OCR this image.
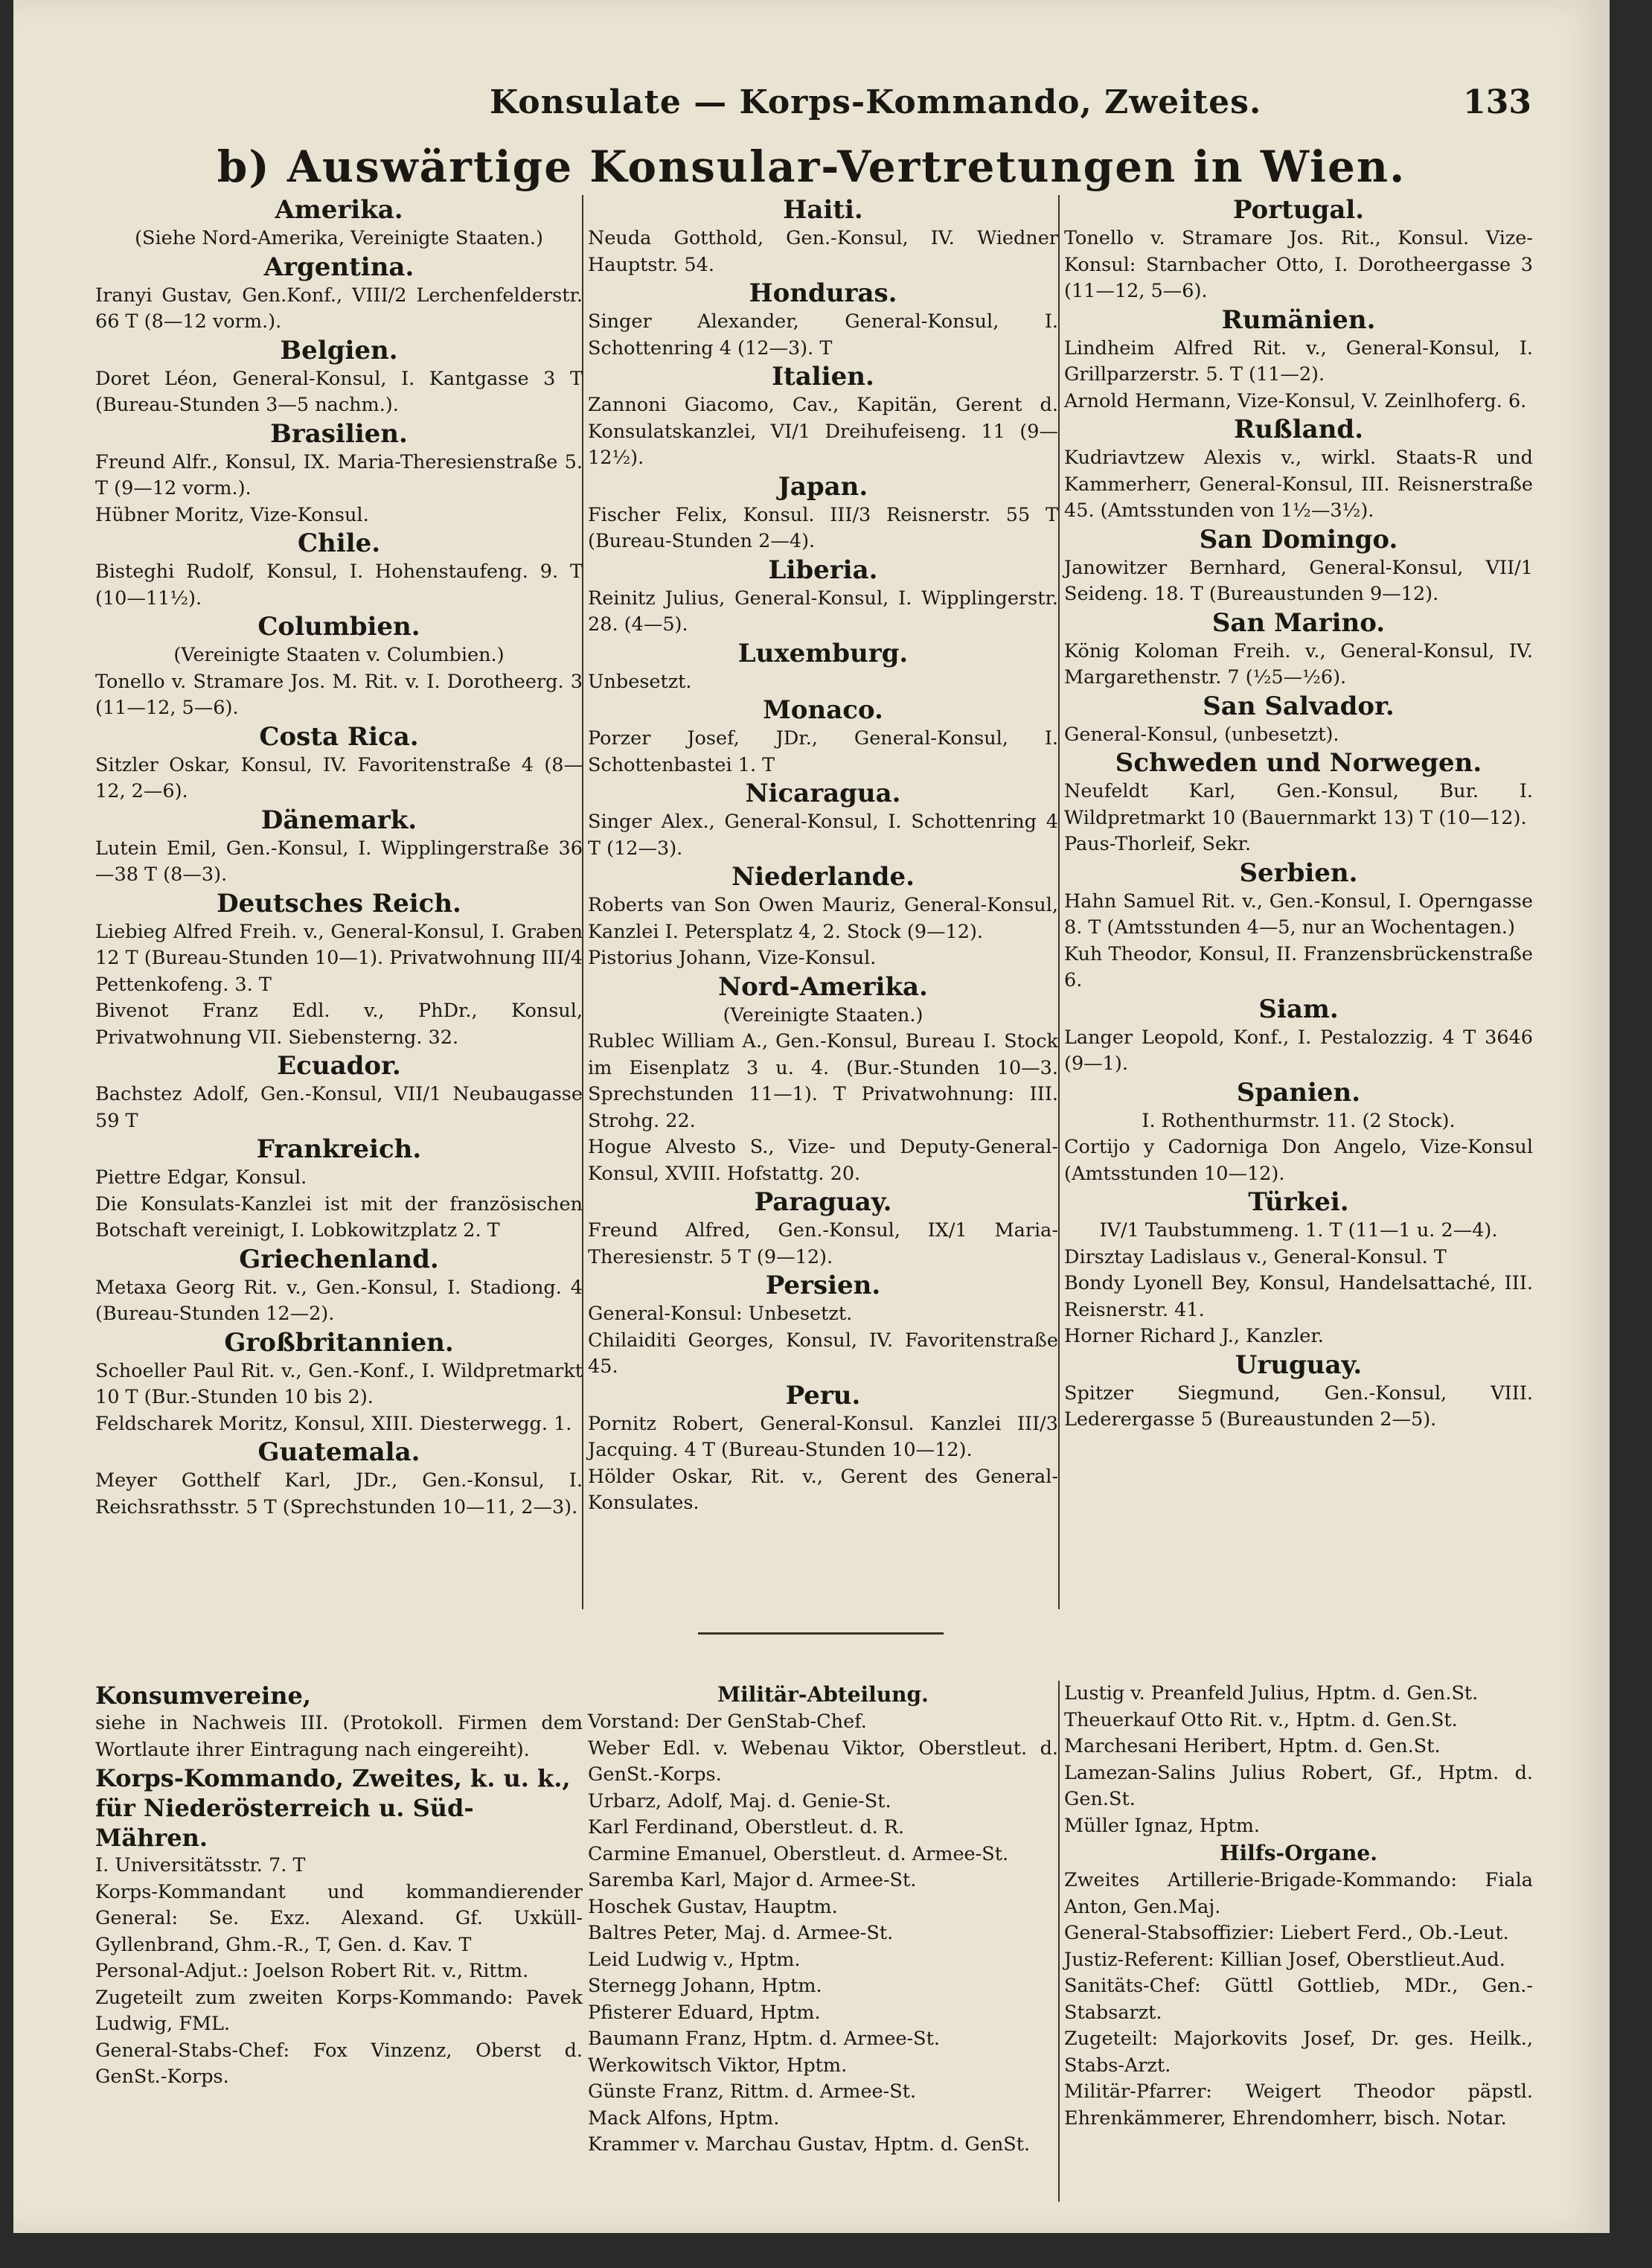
Konsulate — Korps-Kommando, Zweites.	133
b) Auswärtige Konsular-Vertretungen in Wien.
Amerika.
(Siehe Nord-Amerika, Vereinigte Staaten.)
Argentina.
Iranyi Gustav, Gen.Konf., VIII/2 Lerchenfelderstr. 66 T (8—12 vorm.).
Belgien.
Doret Léon, General-Konsul, I. Kantgasse 3 T (Bureau-Stunden 3—5 nachm.).
Brasilien.
Freund Alfr., Konsul, IX. Maria-Theresienstraße 5. T (9—12 vorm.).
Hübner Moritz, Vize-Konsul.
Chile.
Bisteghi Rudolf, Konsul, I. Hohenstaufeng. 9. T (10—11½).
Columbien.
(Vereinigte Staaten v. Columbien.)
Tonello v. Stramare Jos. M. Rit. v. I. Dorotheerg. 3 (11—12, 5—6).
Costa Rica.
Sitzler Oskar, Konsul, IV. Favoritenstraße 4 (8—12, 2—6).
Dänemark.
Lutein Emil, Gen.-Konsul, I. Wipplingerstraße 36—38 T (8—3).
Deutsches Reich.
Liebieg Alfred Freih. v., General-Konsul, I. Graben 12 T (Bureau-Stunden 10—1). Privatwohnung III/4 Pettenkofeng. 3. T
Bivenot Franz Edl. v., PhDr., Konsul, Privatwohnung VII. Siebensterng. 32.
Ecuador.
Bachstez Adolf, Gen.-Konsul, VII/1 Neubaugasse 59 T
Frankreich.
Piettre Edgar, Konsul.
Die Konsulats-Kanzlei ist mit der französischen Botschaft vereinigt, I. Lobkowitzplatz 2. T
Griechenland.
Metaxa Georg Rit. v., Gen.-Konsul, I. Stadiong. 4 (Bureau-Stunden 12—2).
Großbritannien.
Schoeller Paul Rit. v., Gen.-Konf., I. Wildpretmarkt 10 T (Bur.-Stunden 10 bis 2).
Feldscharek Moritz, Konsul, XIII. Diesterwegg. 1.
Guatemala.
Meyer Gotthelf Karl, JDr., Gen.-Konsul, I. Reichsrathsstr. 5 T (Sprechstunden 10—11, 2—3).
Haiti.
Neuda Gotthold, Gen.-Konsul, IV. Wiedner Hauptstr. 54.
Honduras.
Singer Alexander, General-Konsul, I. Schottenring 4 (12—3). T
Italien.
Zannoni Giacomo, Cav., Kapitän, Gerent d. Konsulatskanzlei, VI/1 Dreihufeiseng. 11 (9—12½).
Japan.
Fischer Felix, Konsul. III/3 Reisnerstr. 55 T (Bureau-Stunden 2—4).
Liberia.
Reinitz Julius, General-Konsul, I. Wipplingerstr. 28. (4—5).
Luxemburg.
Unbesetzt.
Monaco.
Porzer Josef, JDr., General-Konsul, I. Schottenbastei 1. T
Nicaragua.
Singer Alex., General-Konsul, I. Schottenring 4 T (12—3).
Niederlande.
Roberts van Son Owen Mauriz, General-Konsul, Kanzlei I. Petersplatz 4, 2. Stock (9—12).
Pistorius Johann, Vize-Konsul.
Nord-Amerika.
(Vereinigte Staaten.)
Rublec William A., Gen.-Konsul, Bureau I. Stock im Eisenplatz 3 u. 4. (Bur.-Stunden 10—3. Sprechstunden 11—1). T Privatwohnung: III. Strohg. 22.
Hogue Alvesto S., Vize- und Deputy-General-Konsul, XVIII. Hofstattg. 20.
Paraguay.
Freund Alfred, Gen.-Konsul, IX/1 Maria-Theresienstr. 5 T (9—12).
Persien.
General-Konsul: Unbesetzt.
Chilaiditi Georges, Konsul, IV. Favoritenstraße 45.
Peru.
Pornitz Robert, General-Konsul. Kanzlei III/3 Jacquing. 4 T (Bureau-Stunden 10—12).
Hölder Oskar, Rit. v., Gerent des General-Konsulates.
Portugal.
Tonello v. Stramare Jos. Rit., Konsul. Vize-Konsul: Starnbacher Otto, I. Dorotheergasse 3 (11—12, 5—6).
Rumänien.
Lindheim Alfred Rit. v., General-Konsul, I. Grillparzerstr. 5. T (11—2).
Arnold Hermann, Vize-Konsul, V. Zeinlhoferg. 6.
Rußland.
Kudriavtzew Alexis v., wirkl. Staats-R und Kammerherr, General-Konsul, III. Reisnerstraße 45. (Amtsstunden von 1½—3½).
San Domingo.
Janowitzer Bernhard, General-Konsul, VII/1 Seideng. 18. T (Bureaustunden 9—12).
San Marino.
König Koloman Freih. v., General-Konsul, IV. Margarethenstr. 7 (½5—½6).
San Salvador.
General-Konsul, (unbesetzt).
Schweden und Norwegen.
Neufeldt Karl, Gen.-Konsul, Bur. I. Wildpretmarkt 10 (Bauernmarkt 13) T (10—12).
Paus-Thorleif, Sekr.
Serbien.
Hahn Samuel Rit. v., Gen.-Konsul, I. Operngasse 8. T (Amtsstunden 4—5, nur an Wochentagen.)
Kuh Theodor, Konsul, II. Franzensbrückenstraße 6.
Siam.
Langer Leopold, Konf., I. Pestalozzig. 4 T 3646 (9—1).
Spanien.
I. Rothenthurmstr. 11. (2 Stock).
Cortijo y Cadorniga Don Angelo, Vize-Konsul (Amtsstunden 10—12).
Türkei.
IV/1 Taubstummeng. 1. T (11—1 u. 2—4).
Dirsztay Ladislaus v., General-Konsul. T
Bondy Lyonell Bey, Konsul, Handelsattaché, III. Reisnerstr. 41.
Horner Richard J., Kanzler.
Uruguay.
Spitzer Siegmund, Gen.-Konsul, VIII. Lederergasse 5 (Bureaustunden 2—5).
Konsumvereine,
siehe in Nachweis III. (Protokoll. Firmen dem Wortlaute ihrer Eintragung nach eingereiht).
Korps-Kommando, Zweites, k. u. k., für Niederösterreich u. Süd-Mähren.
I. Universitätsstr. 7. T
Korps-Kommandant und kommandierender General: Se. Exz. Alexand. Gf. Uxküll-Gyllenbrand, Ghm.-R., T, Gen. d. Kav. T
Personal-Adjut.: Joelson Robert Rit. v., Rittm.
Zugeteilt zum zweiten Korps-Kommando: Pavek Ludwig, FML.
General-Stabs-Chef: Fox Vinzenz, Oberst d. GenSt.-Korps.
Militär-Abteilung.
Vorstand: Der GenStab-Chef.
Weber Edl. v. Webenau Viktor, Oberstleut. d. GenSt.-Korps.
Urbarz, Adolf, Maj. d. Genie-St.
Karl Ferdinand, Oberstleut. d. R.
Carmine Emanuel, Oberstleut. d. Armee-St.
Saremba Karl, Major d. Armee-St.
Hoschek Gustav, Hauptm.
Baltres Peter, Maj. d. Armee-St.
Leid Ludwig v., Hptm.
Sternegg Johann, Hptm.
Pfisterer Eduard, Hptm.
Baumann Franz, Hptm. d. Armee-St.
Werkowitsch Viktor, Hptm.
Günste Franz, Rittm. d. Armee-St.
Mack Alfons, Hptm.
Krammer v. Marchau Gustav, Hptm. d. GenSt.
Lustig v. Preanfeld Julius, Hptm. d. Gen.St.
Theuerkauf Otto Rit. v., Hptm. d. Gen.St.
Marchesani Heribert, Hptm. d. Gen.St.
Lamezan-Salins Julius Robert, Gf., Hptm. d. Gen.St.
Müller Ignaz, Hptm.
Hilfs-Organe.
Zweites Artillerie-Brigade-Kommando: Fiala Anton, Gen.Maj.
General-Stabsoffizier: Liebert Ferd., Ob.-Leut.
Justiz-Referent: Killian Josef, Oberstlieut.Aud.
Sanitäts-Chef: Güttl Gottlieb, MDr., Gen.-Stabsarzt.
Zugeteilt: Majorkovits Josef, Dr. ges. Heilk., Stabs-Arzt.
Militär-Pfarrer: Weigert Theodor päpstl. Ehrenkämmerer, Ehrendomherr, bisch. Notar.
